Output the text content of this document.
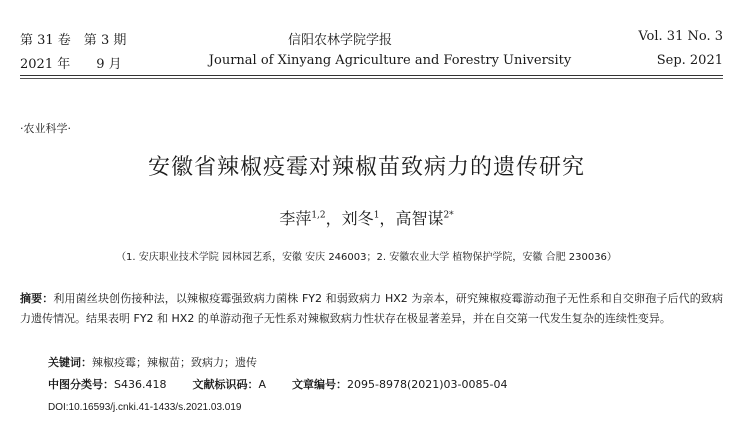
第 31 卷　第 3 期	信阳农林学院学报	Vol. 31 No. 3
2021 年　　9 月	Journal of Xinyang Agriculture and Forestry University	Sep. 2021
·农业科学·
安徽省辣椒疫霉对辣椒苗致病力的遗传研究
李萍$^{1,2}$，刘冬$^1$，高智谋$^{2*}$
（1. 安庆职业技术学院 园林园艺系，安徽 安庆 246003；2. 安徽农业大学 植物保护学院，安徽 合肥 230036）
摘要：利用菌丝块创伤接种法，以辣椒疫霉强致病力菌株 FY2 和弱致病力 HX2 为亲本，研究辣椒疫霉游动孢子无性系和自交卵孢子后代的致病力遗传情况。结果表明 FY2 和 HX2 的单游动孢子无性系对辣椒致病力性状存在极显著差异，并在自交第一代发生复杂的连续性变异。
关键词：辣椒疫霉；辣椒苗；致病力；遗传
中图分类号：S436.418 文献标识码：A 文章编号：2095-8978(2021)03-0085-04
DOI:10.16593/j.cnki.41-1433/s.2021.03.019
